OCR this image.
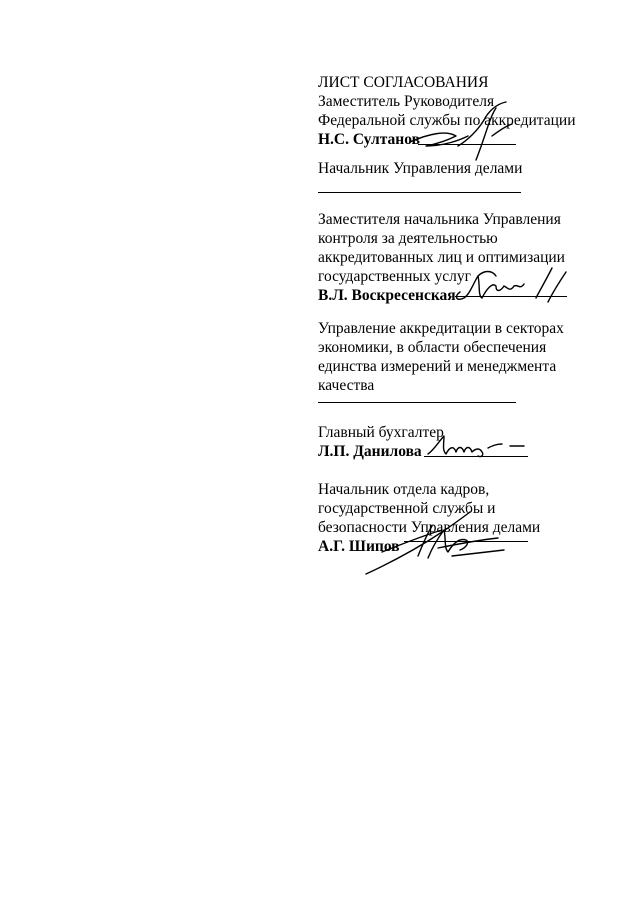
ЛИСТ СОГЛАСОВАНИЯ
Заместитель Руководителя
Федеральной службы по аккредитации
Н.С. Султанов
Начальник Управления делами
Заместителя начальника Управления
контроля за деятельностью
аккредитованных лиц и оптимизации
государственных услуг
В.Л. Воскресенская
Управление аккредитации в секторах
экономики, в области обеспечения
единства измерений и менеджмента
качества
Главный бухгалтер
Л.П. Данилова
Начальник отдела кадров,
государственной службы и
безопасности Управления делами
А.Г. Шипов
